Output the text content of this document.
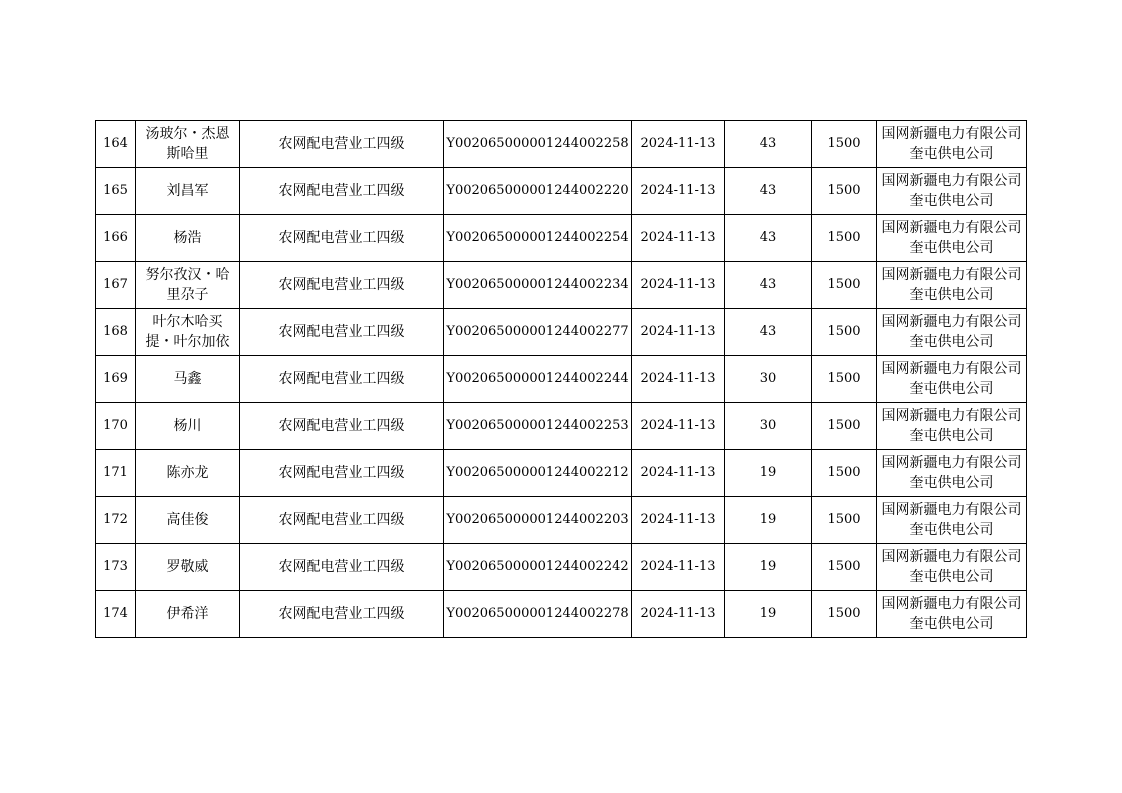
164	汤玻尔・杰恩斯哈里	农网配电营业工四级	Y002065000001244002258	2024-11-13	43	1500	国网新疆电力有限公司奎屯供电公司
165	刘昌军	农网配电营业工四级	Y002065000001244002220	2024-11-13	43	1500	国网新疆电力有限公司奎屯供电公司
166	杨浩	农网配电营业工四级	Y002065000001244002254	2024-11-13	43	1500	国网新疆电力有限公司奎屯供电公司
167	努尔孜汉・哈里尕子	农网配电营业工四级	Y002065000001244002234	2024-11-13	43	1500	国网新疆电力有限公司奎屯供电公司
168	叶尔木哈买提・叶尔加依	农网配电营业工四级	Y002065000001244002277	2024-11-13	43	1500	国网新疆电力有限公司奎屯供电公司
169	马鑫	农网配电营业工四级	Y002065000001244002244	2024-11-13	30	1500	国网新疆电力有限公司奎屯供电公司
170	杨川	农网配电营业工四级	Y002065000001244002253	2024-11-13	30	1500	国网新疆电力有限公司奎屯供电公司
171	陈亦龙	农网配电营业工四级	Y002065000001244002212	2024-11-13	19	1500	国网新疆电力有限公司奎屯供电公司
172	高佳俊	农网配电营业工四级	Y002065000001244002203	2024-11-13	19	1500	国网新疆电力有限公司奎屯供电公司
173	罗敬威	农网配电营业工四级	Y002065000001244002242	2024-11-13	19	1500	国网新疆电力有限公司奎屯供电公司
174	伊希洋	农网配电营业工四级	Y002065000001244002278	2024-11-13	19	1500	国网新疆电力有限公司奎屯供电公司
